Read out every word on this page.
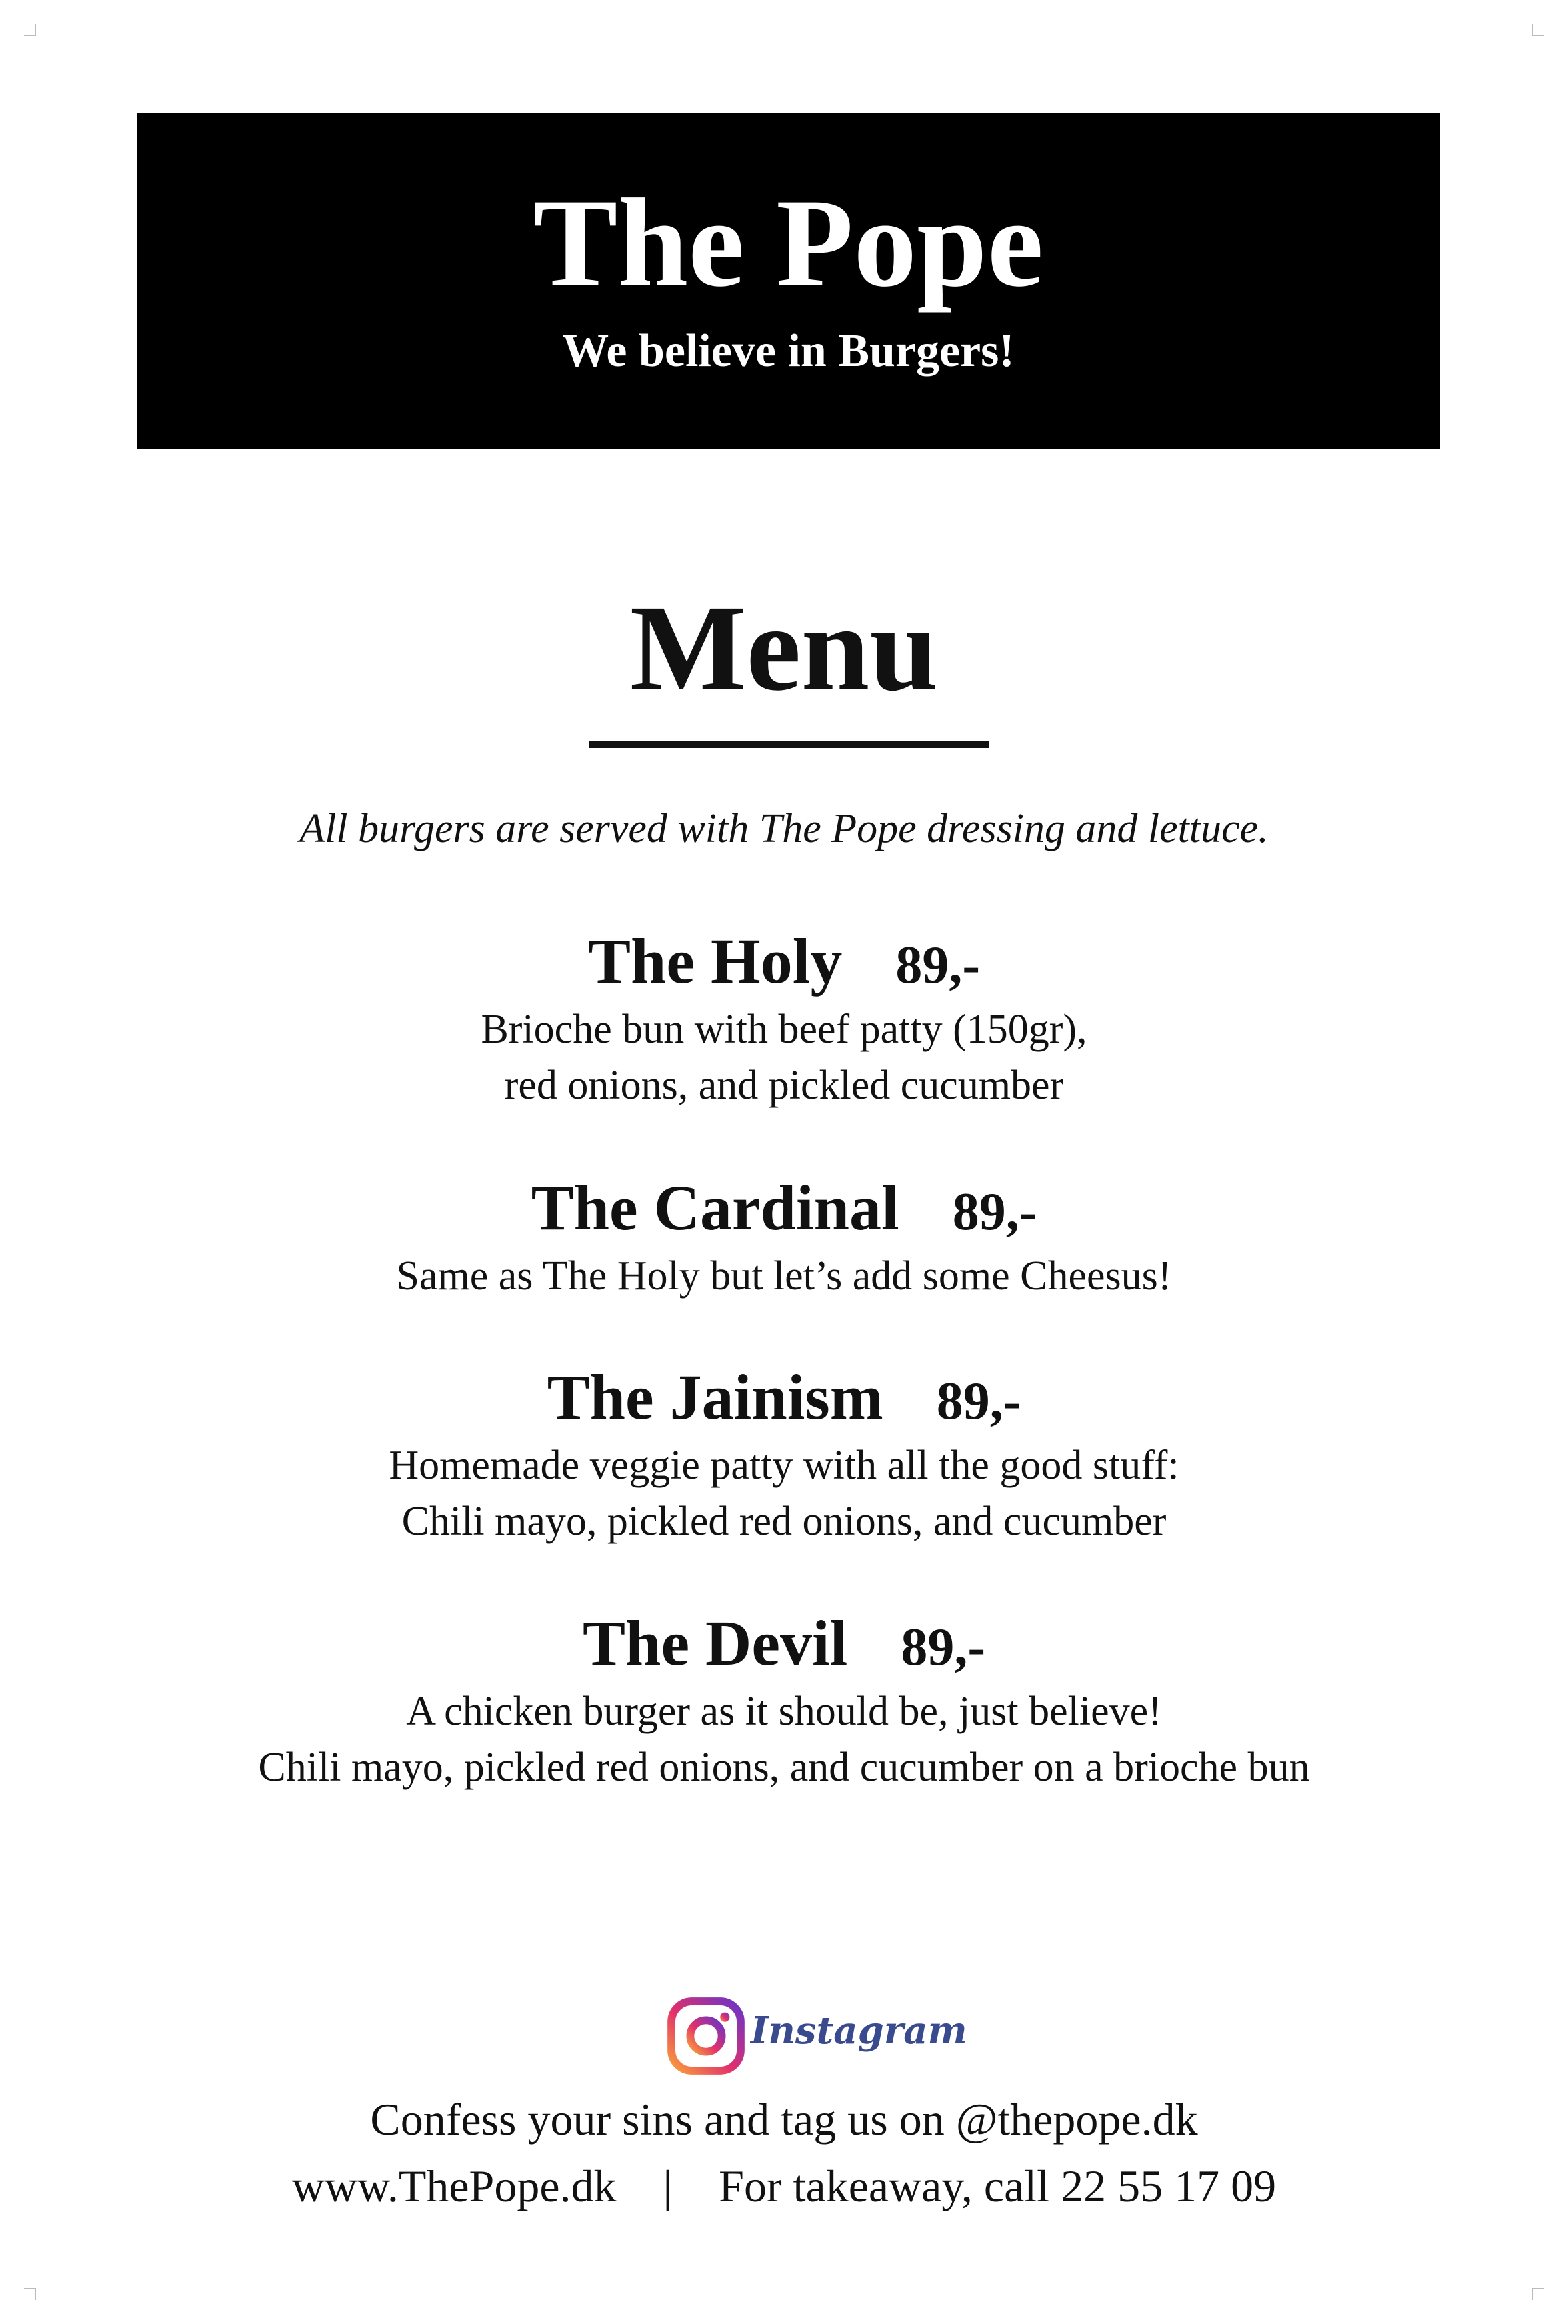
The Pope
We believe in Burgers!
Menu
All burgers are served with The Pope dressing and lettuce.
The Holy 89,-
Brioche bun with beef patty (150gr),
red onions, and pickled cucumber
The Cardinal 89,-
Same as The Holy but let’s add some Cheesus!
The Jainism 89,-
Homemade veggie patty with all the good stuff:
Chili mayo, pickled red onions, and cucumber
The Devil 89,-
A chicken burger as it should be, just believe!
Chili mayo, pickled red onions, and cucumber on a brioche bun
Instagram
Confess your sins and tag us on @thepope.dk
www.ThePope.dk | For takeaway, call 22 55 17 09
